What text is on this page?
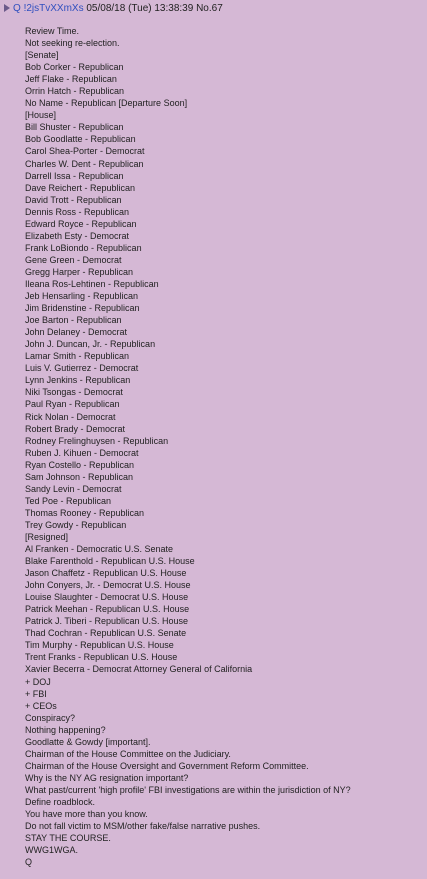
Q !2jsTvXXmXs 05/08/18 (Tue) 13:38:39 No.67
Review Time.
Not seeking re-election.
[Senate]
Bob Corker - Republican
Jeff Flake - Republican
Orrin Hatch - Republican
No Name - Republican [Departure Soon]
[House]
Bill Shuster - Republican
Bob Goodlatte - Republican
Carol Shea-Porter - Democrat
Charles W. Dent - Republican
Darrell Issa - Republican
Dave Reichert - Republican
David Trott - Republican
Dennis Ross - Republican
Edward Royce - Republican
Elizabeth Esty - Democrat
Frank LoBiondo - Republican
Gene Green - Democrat
Gregg Harper - Republican
Ileana Ros-Lehtinen - Republican
Jeb Hensarling - Republican
Jim Bridenstine - Republican
Joe Barton - Republican
John Delaney - Democrat
John J. Duncan, Jr. - Republican
Lamar Smith - Republican
Luis V. Gutierrez - Democrat
Lynn Jenkins - Republican
Niki Tsongas - Democrat
Paul Ryan - Republican
Rick Nolan - Democrat
Robert Brady - Democrat
Rodney Frelinghuysen - Republican
Ruben J. Kihuen - Democrat
Ryan Costello - Republican
Sam Johnson - Republican
Sandy Levin - Democrat
Ted Poe - Republican
Thomas Rooney - Republican
Trey Gowdy - Republican
[Resigned]
Al Franken - Democratic U.S. Senate
Blake Farenthold - Republican U.S. House
Jason Chaffetz - Republican U.S. House
John Conyers, Jr. - Democrat U.S. House
Louise Slaughter - Democrat U.S. House
Patrick Meehan - Republican U.S. House
Patrick J. Tiberi - Republican U.S. House
Thad Cochran - Republican U.S. Senate
Tim Murphy - Republican U.S. House
Trent Franks - Republican U.S. House
Xavier Becerra - Democrat Attorney General of California
+ DOJ
+ FBI
+ CEOs
Conspiracy?
Nothing happening?
Goodlatte & Gowdy [important].
Chairman of the House Committee on the Judiciary.
Chairman of the House Oversight and Government Reform Committee.
Why is the NY AG resignation important?
What past/current 'high profile' FBI investigations are within the jurisdiction of NY?
Define roadblock.
You have more than you know.
Do not fall victim to MSM/other fake/false narrative pushes.
STAY THE COURSE.
WWG1WGA.
Q
